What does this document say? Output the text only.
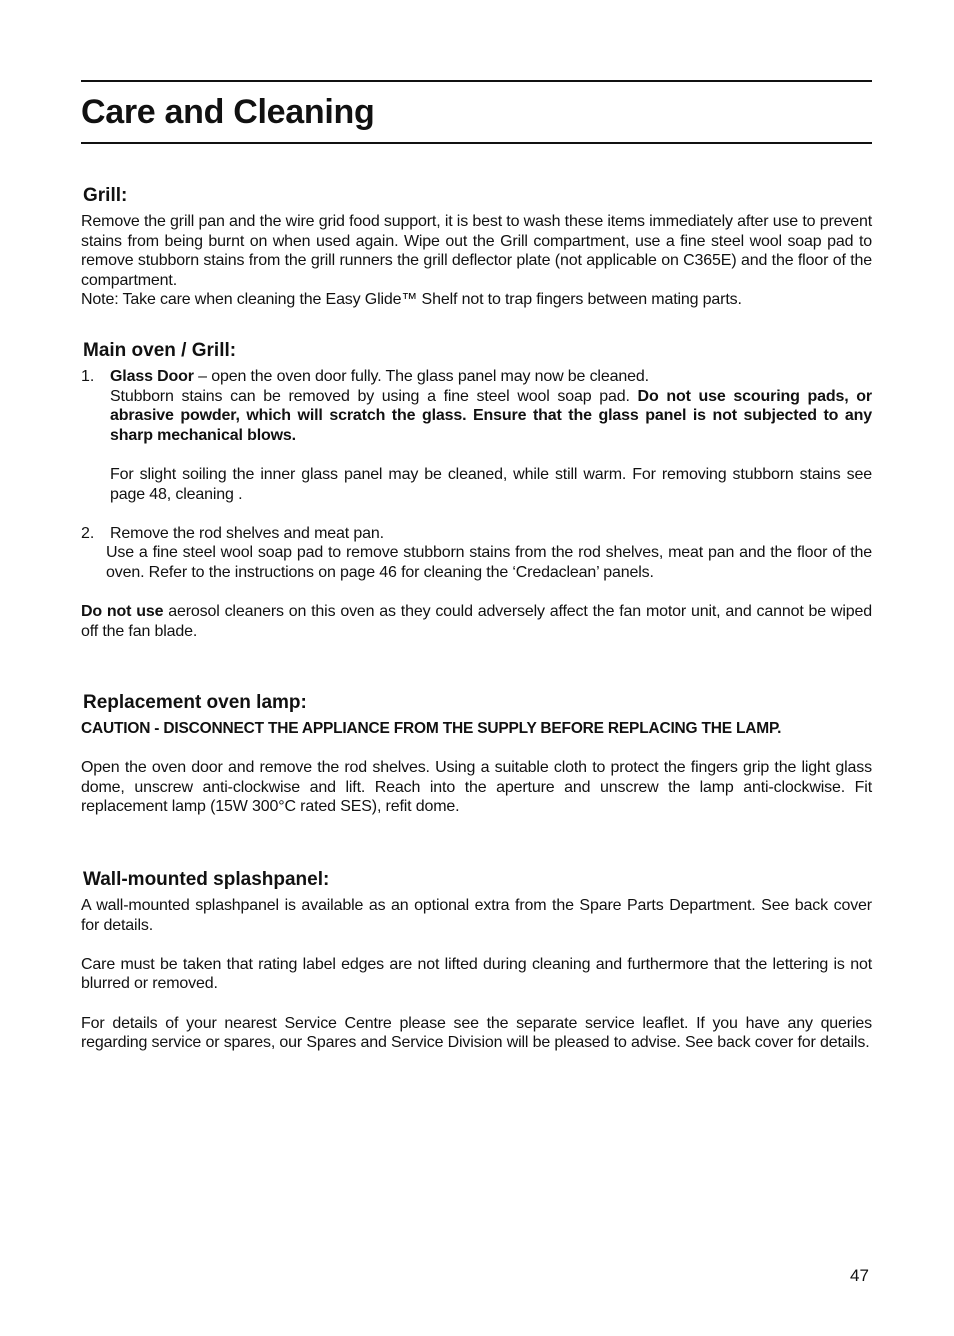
Care and Cleaning
Grill:

Remove the grill pan and the wire grid food support, it is best to wash these items immediately after use to prevent stains from being burnt on when used again. Wipe out the Grill compartment, use a fine steel wool soap pad to remove stubborn stains from the grill runners the grill deflector plate (not applicable on C365E) and the floor of the compartment.

Note: Take care when cleaning the Easy Glide™ Shelf not to trap fingers between mating parts.

Main oven / Grill:
1. Glass Door – open the oven door fully. The glass panel may now be cleaned.

Stubborn stains can be removed by using a fine steel wool soap pad. Do not use scouring pads, or abrasive powder, which will scratch the glass. Ensure that the glass panel is not subjected to any sharp mechanical blows.

For slight soiling the inner glass panel may be cleaned, while still warm. For removing stubborn stains see page 48, cleaning .

2. Remove the rod shelves and meat pan.

Use a fine steel wool soap pad to remove stubborn stains from the rod shelves, meat pan and the floor of the oven. Refer to the instructions on page 46 for cleaning the ‘Credaclean’ panels.

Do not use aerosol cleaners on this oven as they could adversely affect the fan motor unit, and cannot be wiped off the fan blade.

Replacement oven lamp:

CAUTION - DISCONNECT THE APPLIANCE FROM THE SUPPLY BEFORE REPLACING THE LAMP.

Open the oven door and remove the rod shelves. Using a suitable cloth to protect the fingers grip the light glass dome, unscrew anti-clockwise and lift. Reach into the aperture and unscrew the lamp anti-clockwise. Fit replacement lamp (15W 300°C rated SES), refit dome.

Wall-mounted splashpanel:

A wall-mounted splashpanel is available as an optional extra from the Spare Parts Department. See back cover for details.

Care must be taken that rating label edges are not lifted during cleaning and furthermore that the lettering is not blurred or removed.

For details of your nearest Service Centre please see the separate service leaflet. If you have any queries regarding service or spares, our Spares and Service Division will be pleased to advise. See back cover for details.

47
